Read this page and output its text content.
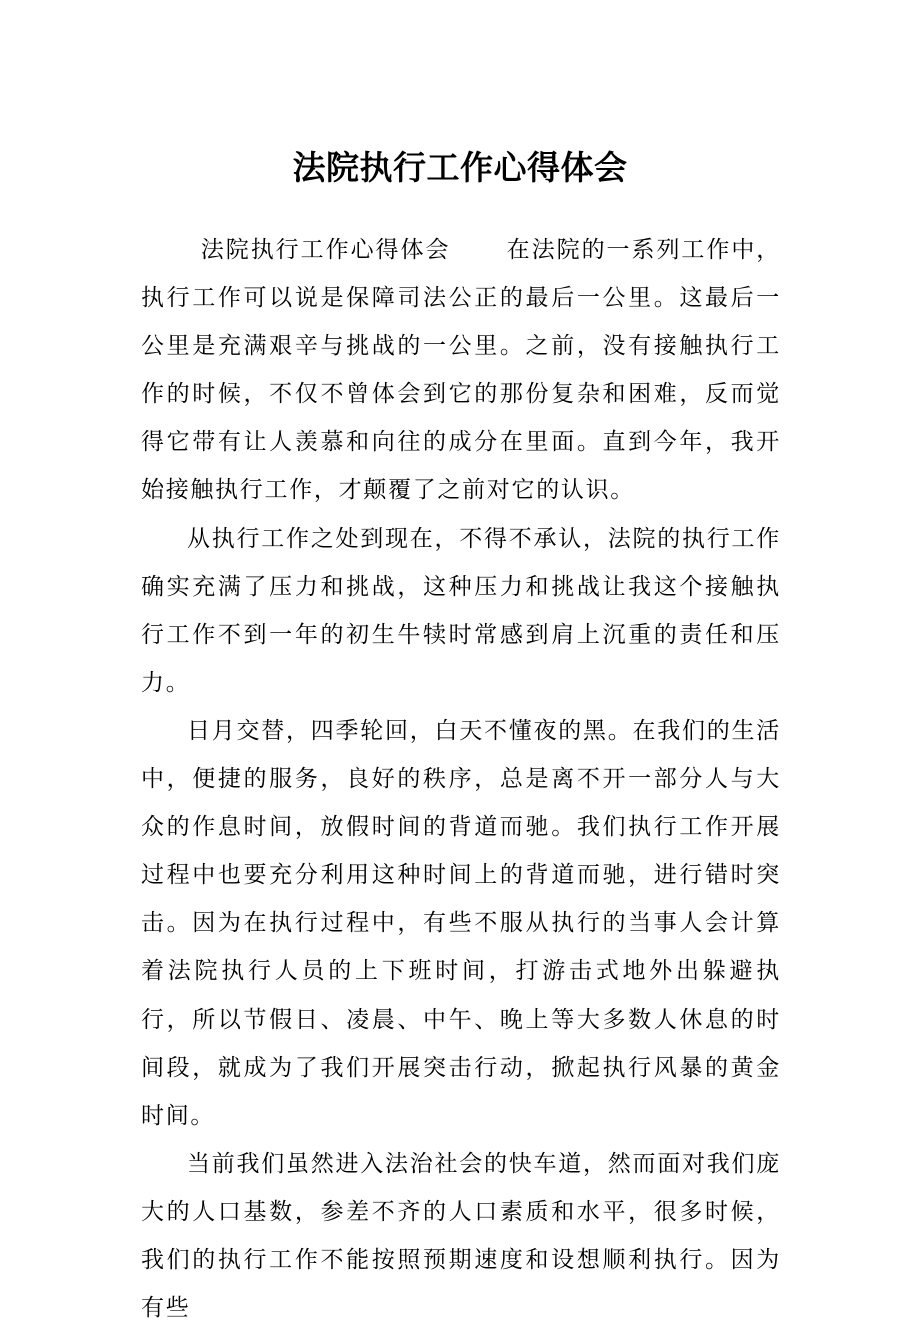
法院执行工作心得体会

法院执行工作心得体会 在法院的一系列工作中，执行工作可以说是保障司法公正的最后一公里。这最后一公里是充满艰辛与挑战的一公里。之前，没有接触执行工作的时候，不仅不曾体会到它的那份复杂和困难，反而觉得它带有让人羡慕和向往的成分在里面。直到今年，我开始接触执行工作，才颠覆了之前对它的认识。

从执行工作之处到现在，不得不承认，法院的执行工作确实充满了压力和挑战，这种压力和挑战让我这个接触执行工作不到一年的初生牛犊时常感到肩上沉重的责任和压力。

日月交替，四季轮回，白天不懂夜的黑。在我们的生活中，便捷的服务，良好的秩序，总是离不开一部分人与大众的作息时间，放假时间的背道而驰。我们执行工作开展过程中也要充分利用这种时间上的背道而驰，进行错时突击。因为在执行过程中，有些不服从执行的当事人会计算着法院执行人员的上下班时间，打游击式地外出躲避执行，所以节假日、凌晨、中午、晚上等大多数人休息的时间段，就成为了我们开展突击行动，掀起执行风暴的黄金时间。

当前我们虽然进入法治社会的快车道，然而面对我们庞大的人口基数，参差不齐的人口素质和水平，很多时候，我们的执行工作不能按照预期速度和设想顺利执行。因为有些
